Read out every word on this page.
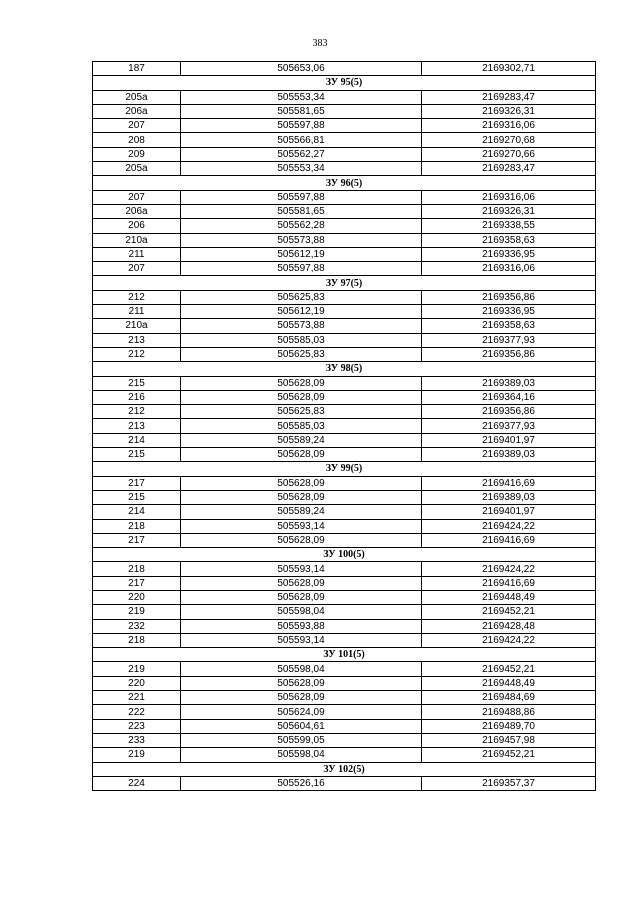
383
187	505653,06	2169302,71
ЗУ 95(5)		
205а	505553,34	2169283,47
206а	505581,65	2169326,31
207	505597,88	2169316,06
208	505566,81	2169270,68
209	505562,27	2169270,66
205а	505553,34	2169283,47
ЗУ 96(5)		
207	505597,88	2169316,06
206а	505581,65	2169326,31
206	505562,28	2169338,55
210а	505573,88	2169358,63
211	505612,19	2169336,95
207	505597,88	2169316,06
ЗУ 97(5)		
212	505625,83	2169356,86
211	505612,19	2169336,95
210а	505573,88	2169358,63
213	505585,03	2169377,93
212	505625,83	2169356,86
ЗУ 98(5)		
215	505628,09	2169389,03
216	505628,09	2169364,16
212	505625,83	2169356,86
213	505585,03	2169377,93
214	505589,24	2169401,97
215	505628,09	2169389,03
ЗУ 99(5)		
217	505628,09	2169416,69
215	505628,09	2169389,03
214	505589,24	2169401,97
218	505593,14	2169424,22
217	505628,09	2169416,69
ЗУ 100(5)		
218	505593,14	2169424,22
217	505628,09	2169416,69
220	505628,09	2169448,49
219	505598,04	2169452,21
232	505593,88	2169428,48
218	505593,14	2169424,22
ЗУ 101(5)		
219	505598,04	2169452,21
220	505628,09	2169448,49
221	505628,09	2169484,69
222	505624,09	2169488,86
223	505604,61	2169489,70
233	505599,05	2169457,98
219	505598,04	2169452,21
ЗУ 102(5)		
224	505526,16	2169357,37
